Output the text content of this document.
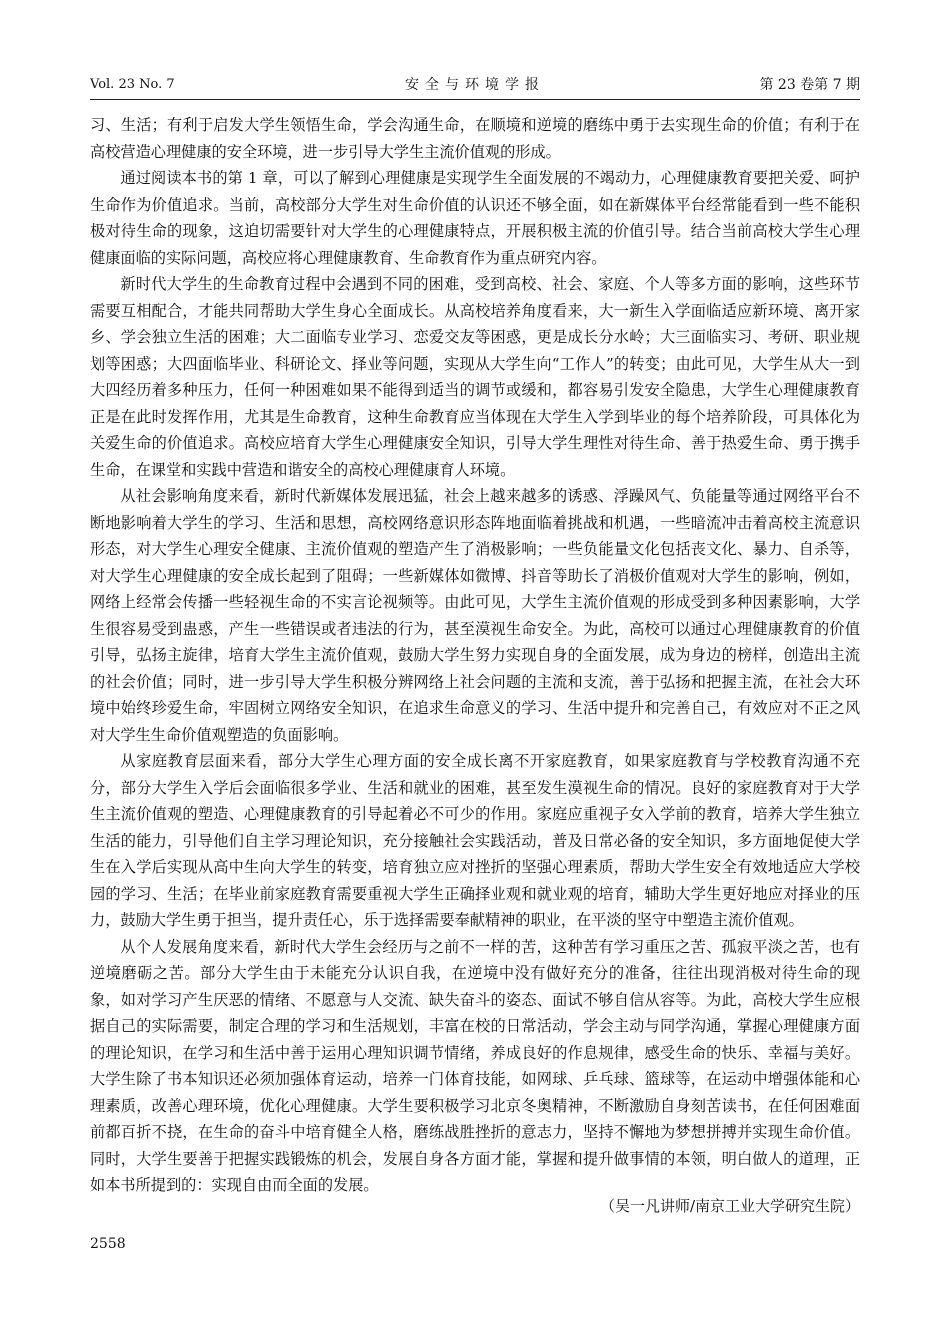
Vol. 23 No. 7	安全与环境学报	第 23 卷第 7 期

习、生活；有利于启发大学生领悟生命，学会沟通生命，在顺境和逆境的磨练中勇于去实现生命的价值；有利于在高校营造心理健康的安全环境，进一步引导大学生主流价值观的形成。

通过阅读本书的第 1 章，可以了解到心理健康是实现学生全面发展的不竭动力，心理健康教育要把关爱、呵护生命作为价值追求。当前，高校部分大学生对生命价值的认识还不够全面，如在新媒体平台经常能看到一些不能积极对待生命的现象，这迫切需要针对大学生的心理健康特点，开展积极主流的价值引导。结合当前高校大学生心理健康面临的实际问题，高校应将心理健康教育、生命教育作为重点研究内容。

新时代大学生的生命教育过程中会遇到不同的困难，受到高校、社会、家庭、个人等多方面的影响，这些环节需要互相配合，才能共同帮助大学生身心全面成长。从高校培养角度看来，大一新生入学面临适应新环境、离开家乡、学会独立生活的困难；大二面临专业学习、恋爱交友等困惑，更是成长分水岭；大三面临实习、考研、职业规划等困惑；大四面临毕业、科研论文、择业等问题，实现从大学生向“工作人”的转变；由此可见，大学生从大一到大四经历着多种压力，任何一种困难如果不能得到适当的调节或缓和，都容易引发安全隐患，大学生心理健康教育正是在此时发挥作用，尤其是生命教育，这种生命教育应当体现在大学生入学到毕业的每个培养阶段，可具体化为关爱生命的价值追求。高校应培育大学生心理健康安全知识，引导大学生理性对待生命、善于热爱生命、勇于携手生命，在课堂和实践中营造和谐安全的高校心理健康育人环境。

从社会影响角度来看，新时代新媒体发展迅猛，社会上越来越多的诱惑、浮躁风气、负能量等通过网络平台不断地影响着大学生的学习、生活和思想，高校网络意识形态阵地面临着挑战和机遇，一些暗流冲击着高校主流意识形态，对大学生心理安全健康、主流价值观的塑造产生了消极影响；一些负能量文化包括丧文化、暴力、自杀等，对大学生心理健康的安全成长起到了阻碍；一些新媒体如微博、抖音等助长了消极价值观对大学生的影响，例如，网络上经常会传播一些轻视生命的不实言论视频等。由此可见，大学生主流价值观的形成受到多种因素影响，大学生很容易受到蛊惑，产生一些错误或者违法的行为，甚至漠视生命安全。为此，高校可以通过心理健康教育的价值引导，弘扬主旋律，培育大学生主流价值观，鼓励大学生努力实现自身的全面发展，成为身边的榜样，创造出主流的社会价值；同时，进一步引导大学生积极分辨网络上社会问题的主流和支流，善于弘扬和把握主流，在社会大环境中始终珍爱生命，牢固树立网络安全知识，在追求生命意义的学习、生活中提升和完善自己，有效应对不正之风对大学生生命价值观塑造的负面影响。

从家庭教育层面来看，部分大学生心理方面的安全成长离不开家庭教育，如果家庭教育与学校教育沟通不充分，部分大学生入学后会面临很多学业、生活和就业的困难，甚至发生漠视生命的情况。良好的家庭教育对于大学生主流价值观的塑造、心理健康教育的引导起着必不可少的作用。家庭应重视子女入学前的教育，培养大学生独立生活的能力，引导他们自主学习理论知识，充分接触社会实践活动，普及日常必备的安全知识，多方面地促使大学生在入学后实现从高中生向大学生的转变，培育独立应对挫折的坚强心理素质，帮助大学生安全有效地适应大学校园的学习、生活；在毕业前家庭教育需要重视大学生正确择业观和就业观的培育，辅助大学生更好地应对择业的压力，鼓励大学生勇于担当，提升责任心，乐于选择需要奉献精神的职业，在平淡的坚守中塑造主流价值观。

从个人发展角度来看，新时代大学生会经历与之前不一样的苦，这种苦有学习重压之苦、孤寂平淡之苦，也有逆境磨砺之苦。部分大学生由于未能充分认识自我，在逆境中没有做好充分的准备，往往出现消极对待生命的现象，如对学习产生厌恶的情绪、不愿意与人交流、缺失奋斗的姿态、面试不够自信从容等。为此，高校大学生应根据自己的实际需要，制定合理的学习和生活规划，丰富在校的日常活动，学会主动与同学沟通，掌握心理健康方面的理论知识，在学习和生活中善于运用心理知识调节情绪，养成良好的作息规律，感受生命的快乐、幸福与美好。大学生除了书本知识还必须加强体育运动，培养一门体育技能，如网球、乒乓球、篮球等，在运动中增强体能和心理素质，改善心理环境，优化心理健康。大学生要积极学习北京冬奥精神，不断激励自身刻苦读书，在任何困难面前都百折不挠，在生命的奋斗中培育健全人格，磨练战胜挫折的意志力，坚持不懈地为梦想拼搏并实现生命价值。同时，大学生要善于把握实践锻炼的机会，发展自身各方面才能，掌握和提升做事情的本领，明白做人的道理，正如本书所提到的：实现自由而全面的发展。

（吴一凡讲师/南京工业大学研究生院）
2558
